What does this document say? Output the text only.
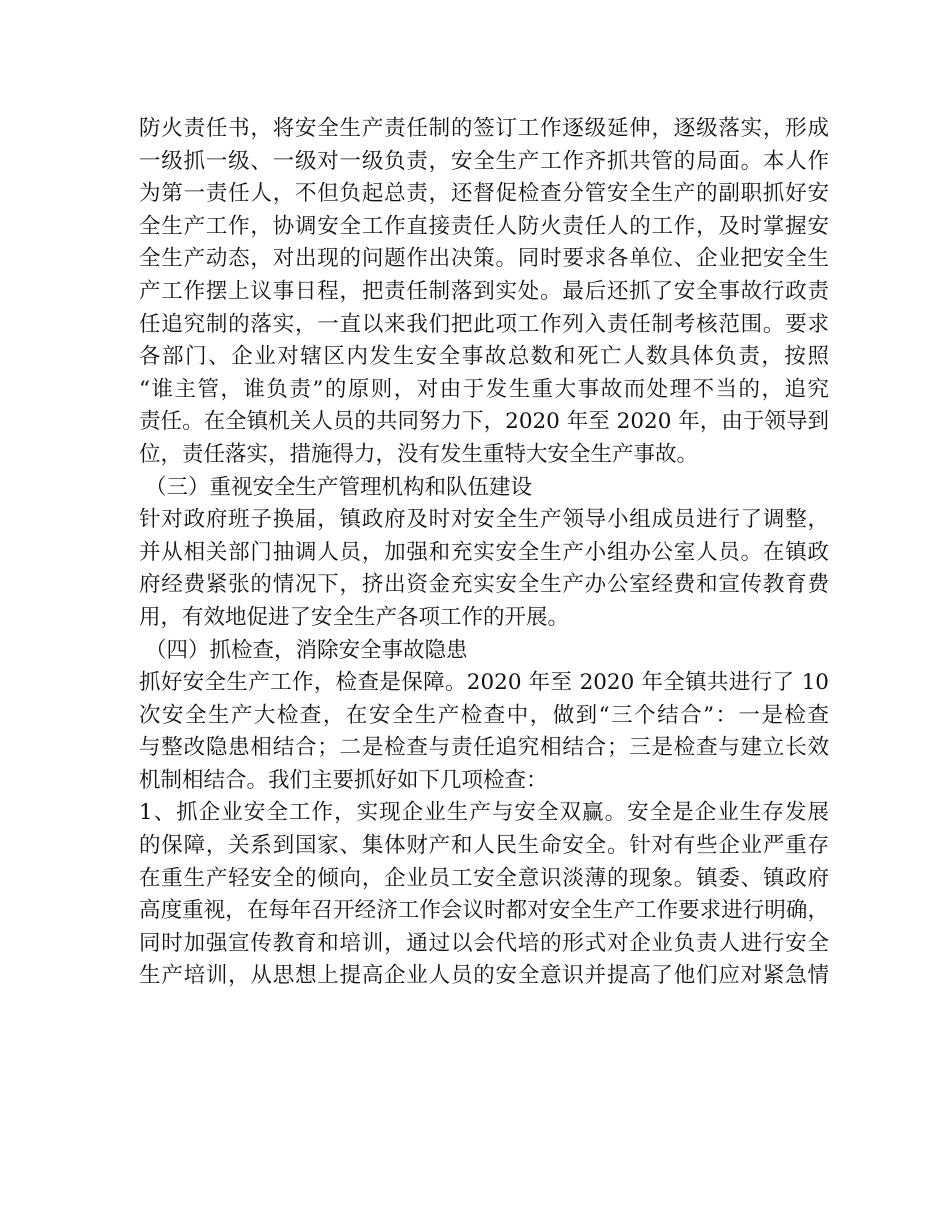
防火责任书，将安全生产责任制的签订工作逐级延伸，逐级落实，形成
一级抓一级、一级对一级负责，安全生产工作齐抓共管的局面。本人作
为第一责任人，不但负起总责，还督促检查分管安全生产的副职抓好安
全生产工作，协调安全工作直接责任人防火责任人的工作，及时掌握安
全生产动态，对出现的问题作出决策。同时要求各单位、企业把安全生
产工作摆上议事日程，把责任制落到实处。最后还抓了安全事故行政责
任追究制的落实，一直以来我们把此项工作列入责任制考核范围。要求
各部门、企业对辖区内发生安全事故总数和死亡人数具体负责，按照
“谁主管，谁负责”的原则，对由于发生重大事故而处理不当的，追究
责任。在全镇机关人员的共同努力下，2020 年至 2020 年，由于领导到
位，责任落实，措施得力，没有发生重特大安全生产事故。
（三）重视安全生产管理机构和队伍建设
针对政府班子换届，镇政府及时对安全生产领导小组成员进行了调整，
并从相关部门抽调人员，加强和充实安全生产小组办公室人员。在镇政
府经费紧张的情况下，挤出资金充实安全生产办公室经费和宣传教育费
用，有效地促进了安全生产各项工作的开展。
（四）抓检查，消除安全事故隐患
抓好安全生产工作，检查是保障。2020 年至 2020 年全镇共进行了 10
次安全生产大检查，在安全生产检查中，做到“三个结合”：一是检查
与整改隐患相结合；二是检查与责任追究相结合；三是检查与建立长效
机制相结合。我们主要抓好如下几项检查：
1、抓企业安全工作，实现企业生产与安全双赢。安全是企业生存发展
的保障，关系到国家、集体财产和人民生命安全。针对有些企业严重存
在重生产轻安全的倾向，企业员工安全意识淡薄的现象。镇委、镇政府
高度重视，在每年召开经济工作会议时都对安全生产工作要求进行明确，
同时加强宣传教育和培训，通过以会代培的形式对企业负责人进行安全
生产培训，从思想上提高企业人员的安全意识并提高了他们应对紧急情
